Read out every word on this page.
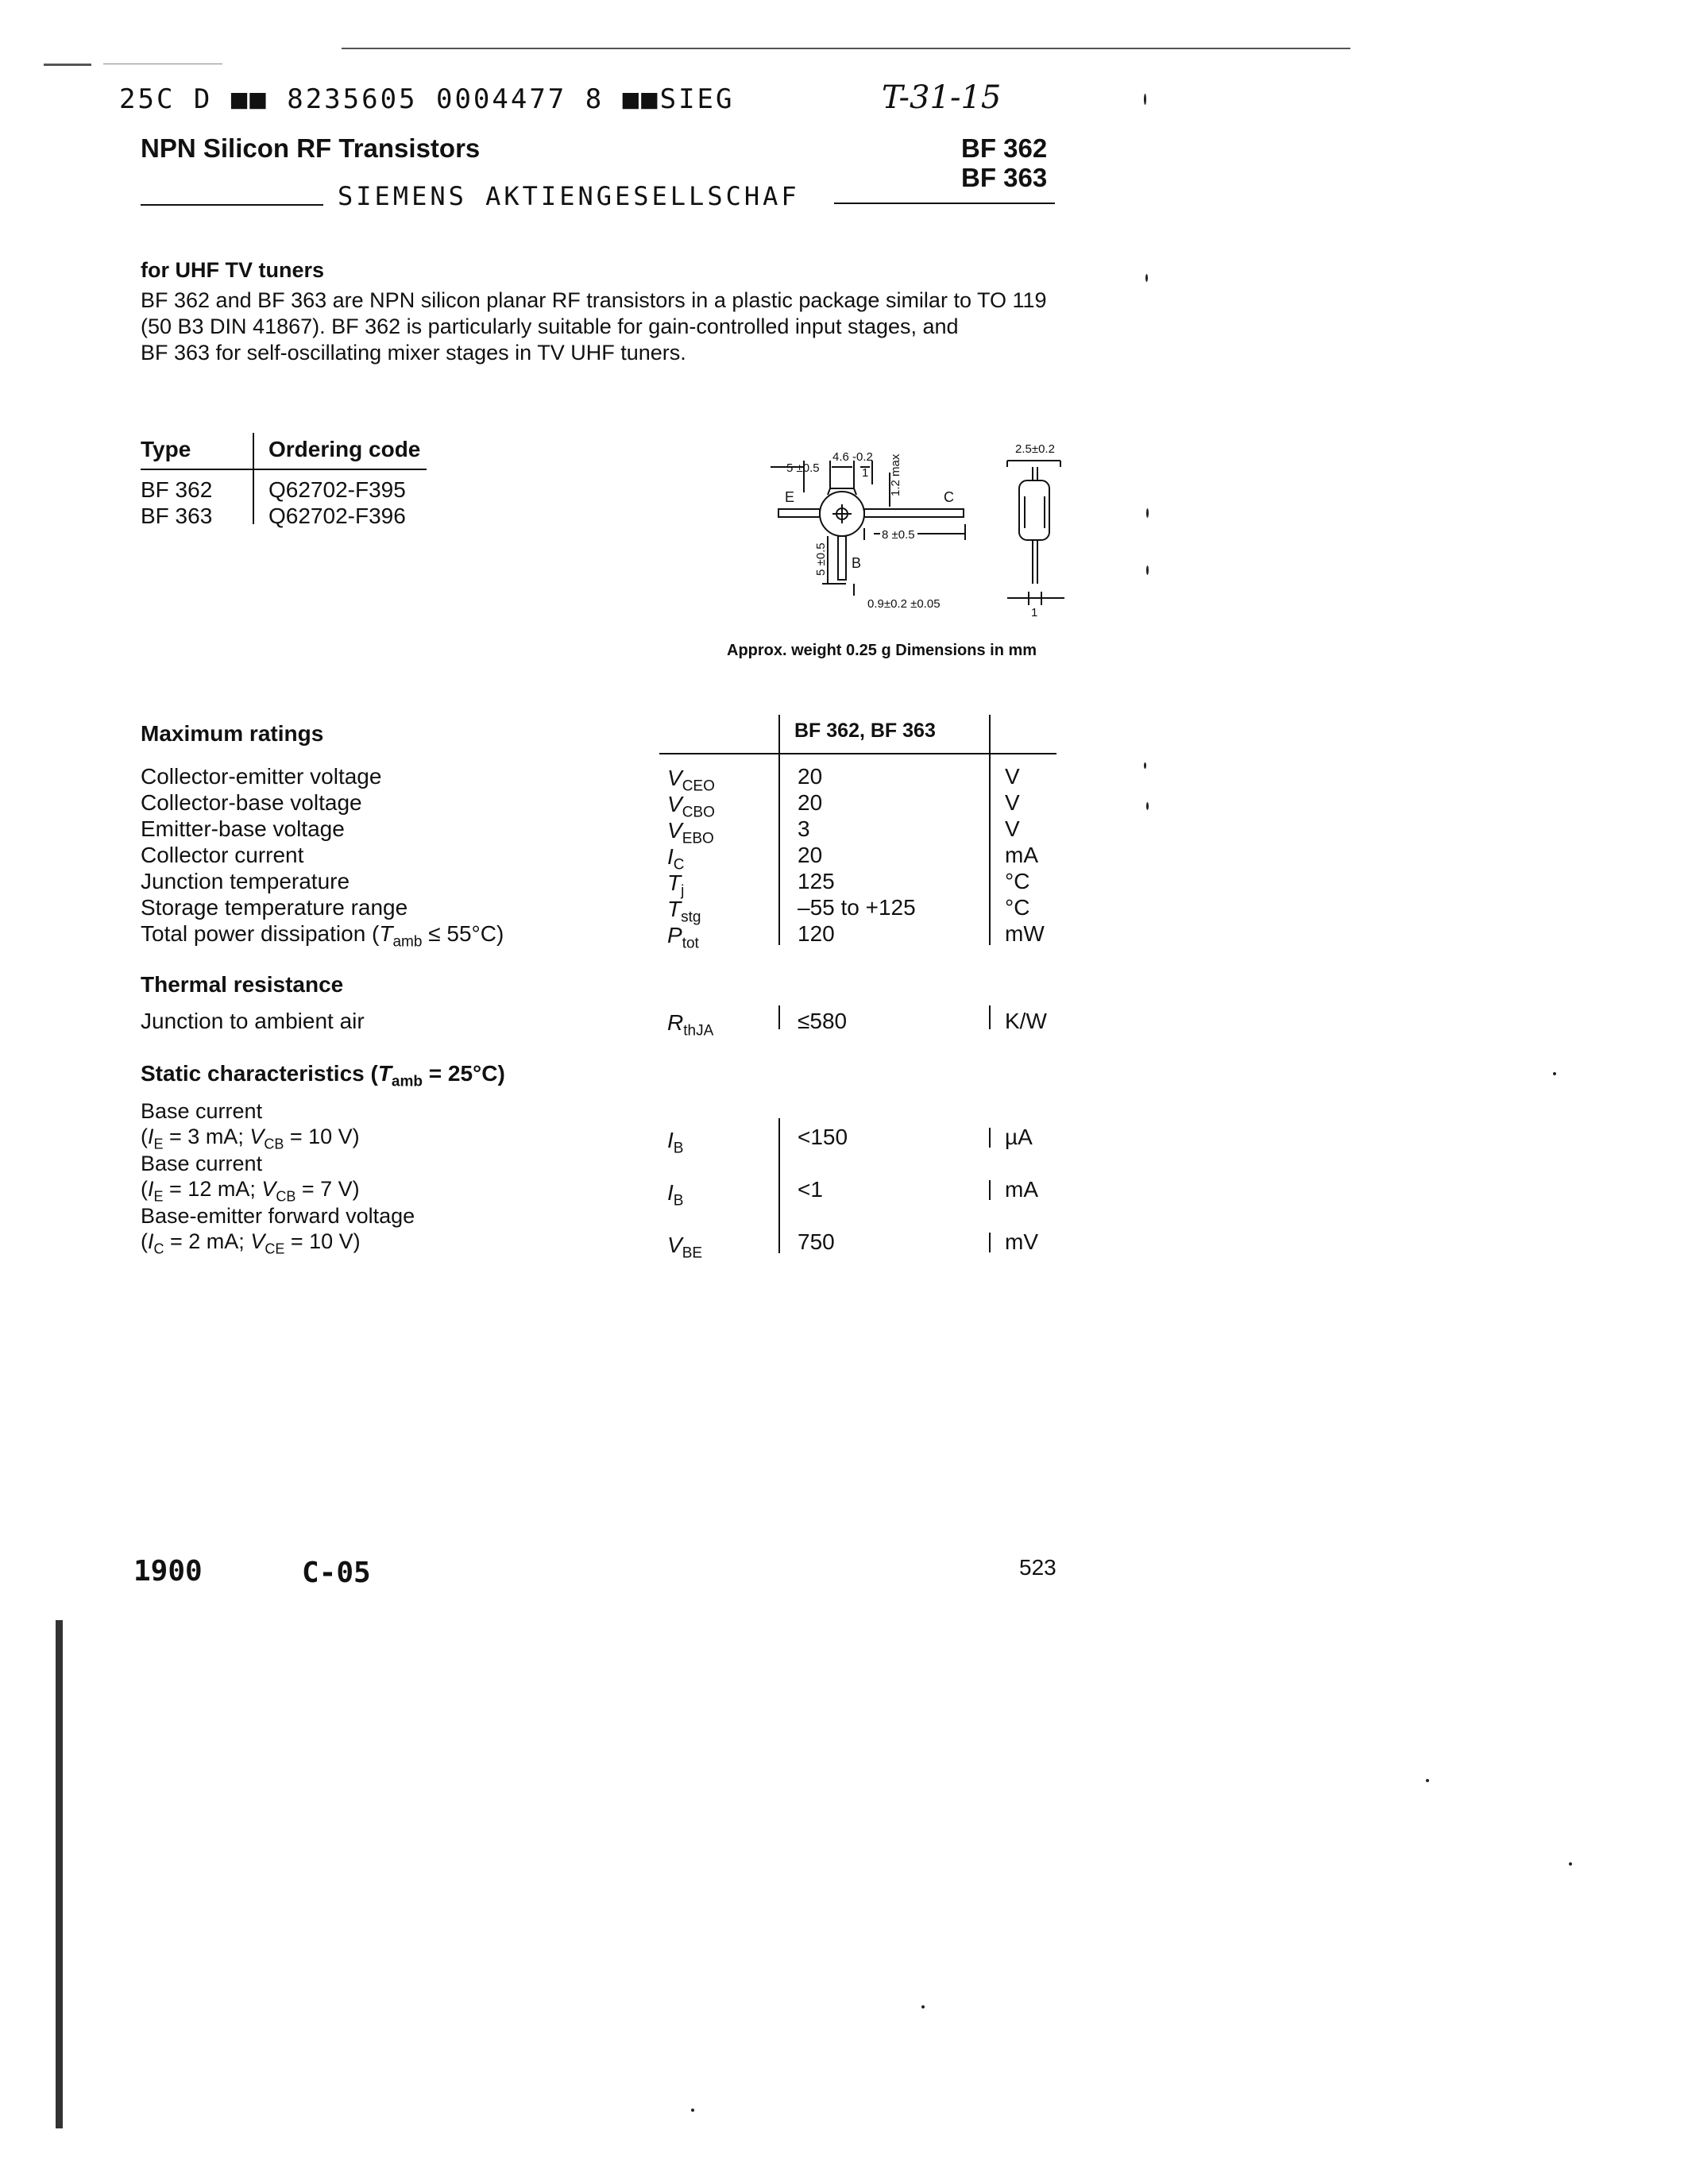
25C D ■■ 8235605 0004477 8 ■■SIEG	T-31-15
NPN Silicon RF Transistors	BF 362
BF 363
SIEMENS AKTIENGESELLSCHAF
for UHF TV tuners
BF 362 and BF 363 are NPN silicon planar RF transistors in a plastic package similar to TO 119
(50 B3 DIN 41867). BF 362 is particularly suitable for gain-controlled input stages, and
BF 363 for self-oscillating mixer stages in TV UHF tuners.
Type	Ordering code
BF 362	Q62702-F395
BF 363	Q62702-F396
5 ±0.5
4.6 -0.2
1 1.2 max
8 ±0.5
5 ±0.5
0.9±0.2 ±0.05
2.5±0.2
1
E	C
B
Approx. weight 0.25 g Dimensions in mm
Maximum ratings	BF 362, BF 363
Collector-emitter voltage	$V_{CEO}$	20	V
Collector-base voltage	$V_{CBO}$	20	V
Emitter-base voltage	$V_{EBO}$	3	V
Collector current	$I_C$	20	mA
Junction temperature	$T_j$	125	°C
Storage temperature range	$T_{stg}$	–55 to +125	°C
Total power dissipation $(T_{amb} \le 55^\circ C)$	$P_{tot}$	120	mW
Thermal resistance
Junction to ambient air	$R_{thJA}$	≤580	K/W
Static characteristics $(T_{amb} = 25^\circ C)$
Base current
($I_E = 3$ mA; $V_{CB} = 10$ V)	$I_B$	<150	µA
Base current
($I_E = 12$ mA; $V_{CB} = 7$ V)	$I_B$	<1	mA
Base-emitter forward voltage
($I_C = 2$ mA; $V_{CE} = 10$ V)	$V_{BE}$	750	mV
1900	C-05	523
